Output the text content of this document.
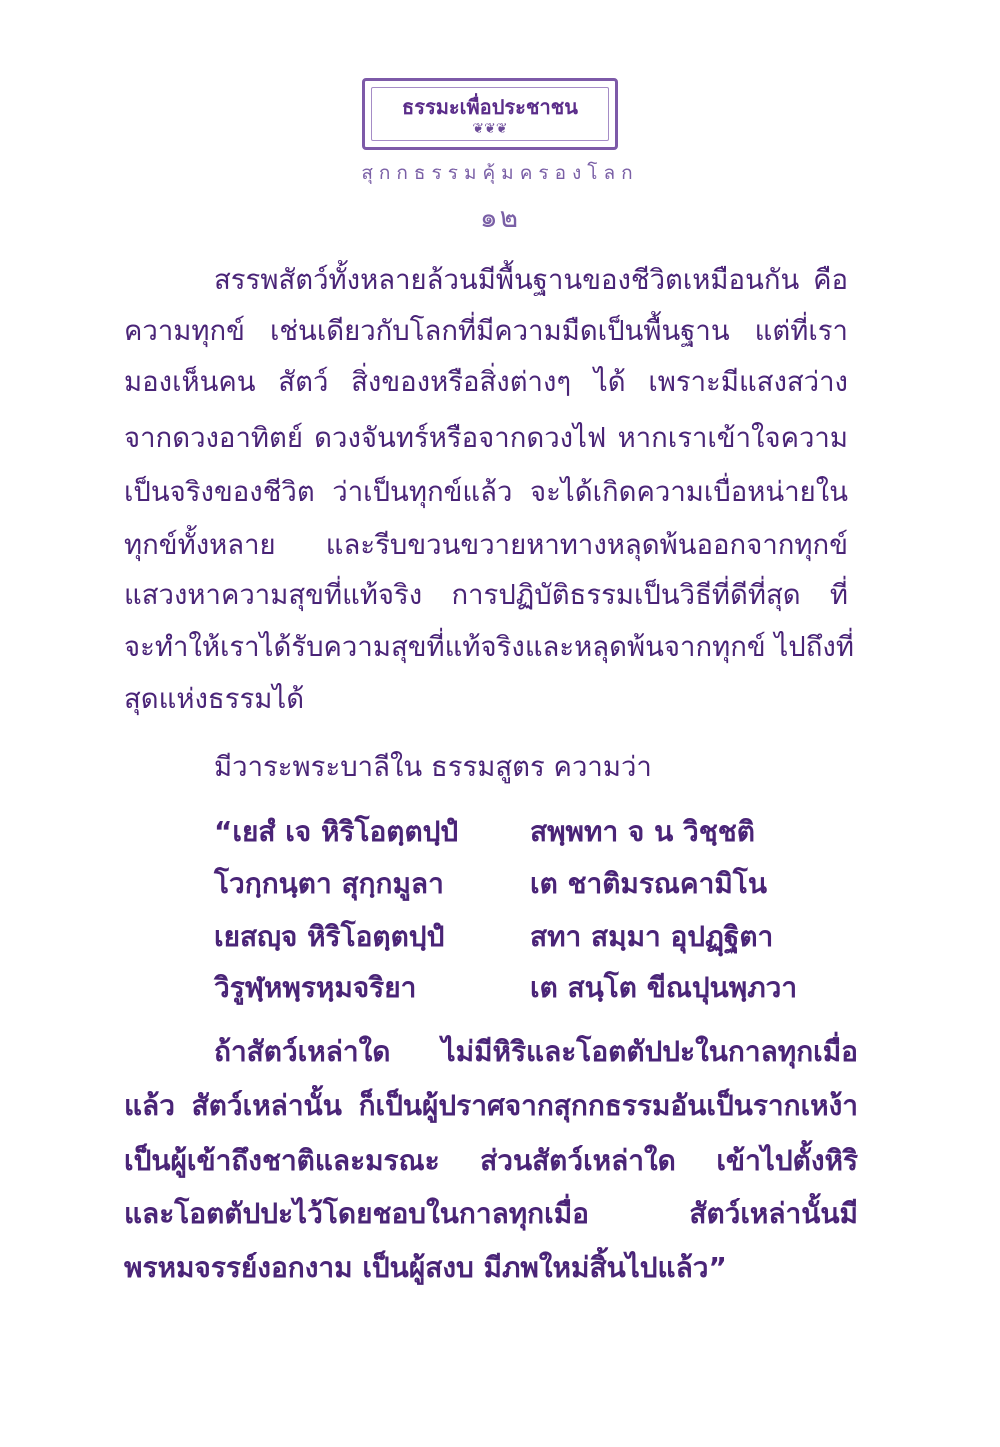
ธรรมะเพื่อประชาชน
❦❦❦
สุกกธรรมคุ้มครองโลก
๑๒
สรรพสัตว์ทั้งหลายล้วนมีพื้นฐานของชีวิตเหมือนกัน คือ
ความทุกข์ เช่นเดียวกับโลกที่มีความมืดเป็นพื้นฐาน แต่ที่เรา
มองเห็นคน สัตว์ สิ่งของหรือสิ่งต่างๆ ได้ เพราะมีแสงสว่าง
จากดวงอาทิตย์ ดวงจันทร์หรือจากดวงไฟ หากเราเข้าใจความ
เป็นจริงของชีวิต ว่าเป็นทุกข์แล้ว จะได้เกิดความเบื่อหน่ายใน
ทุกข์ทั้งหลาย และรีบขวนขวายหาทางหลุดพ้นออกจากทุกข์
แสวงหาความสุขที่แท้จริง การปฏิบัติธรรมเป็นวิธีที่ดีที่สุด ที่
จะทำให้เราได้รับความสุขที่แท้จริงและหลุดพ้นจากทุกข์ ไปถึงที่
สุดแห่งธรรมได้
มีวาระพระบาลีใน ธรรมสูตร ความว่า
“เยสํ เจ หิริโอตฺตปฺปํ	สพฺพทา จ น วิชฺชติ
โวกฺกนฺตา สุกฺกมูลา	เต ชาติมรณคามิโน
เยสญฺจ หิริโอตฺตปฺปํ	สทา สมฺมา อุปฏฺฐิตา
วิรูฬฺหพฺรหฺมจริยา	เต สนฺโต ขีณปุนพฺภวา
ถ้าสัตว์เหล่าใด ไม่มีหิริและโอตตัปปะในกาลทุกเมื่อ
แล้ว สัตว์เหล่านั้น ก็เป็นผู้ปราศจากสุกกธรรมอันเป็นรากเหง้า
เป็นผู้เข้าถึงชาติและมรณะ ส่วนสัตว์เหล่าใด เข้าไปตั้งหิริ
และโอตตัปปะไว้โดยชอบในกาลทุกเมื่อ สัตว์เหล่านั้นมี
พรหมจรรย์งอกงาม เป็นผู้สงบ มีภพใหม่สิ้นไปแล้ว”
